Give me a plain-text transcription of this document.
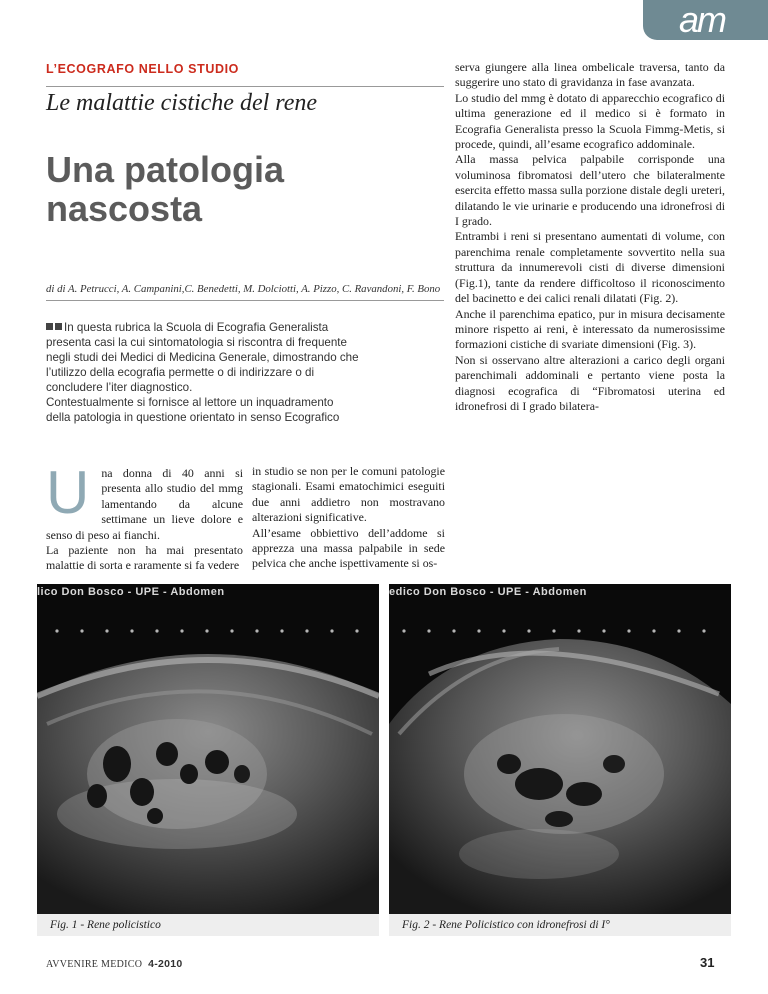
am
L’ECOGRAFO NELLO STUDIO
Le malattie cistiche del rene
Una patologia
nascosta
di di A. Petrucci, A. Campanini,C. Benedetti, M. Dolciotti, A. Pizzo, C. Ravandoni, F. Bono

In questa rubrica la Scuola di Ecografia Generalista

presenta casi la cui sintomatologia si riscontra di frequente

negli studi dei Medici di Medicina Generale, dimostrando che

l’utilizzo della ecografia permette o di indirizzare o di

concludere l’iter diagnostico.

Contestualmente si fornisce al lettore un inquadramento

della patologia in questione orientato in senso Ecografico

U	na donna di 40 anni si presenta allo studio del mmg lamentando da alcune settimane un lieve dolore e senso di peso ai fianchi.

La paziente non ha mai presentato malattie di sorta e raramente si fa vedere

in studio se non per le comuni patologie stagionali. Esami ematochimici eseguiti due anni addietro non mostravano alterazioni significative.

All’esame obbiettivo dell’addome si apprezza una massa palpabile in sede pelvica che anche ispettivamente si os-

serva giungere alla linea ombelicale traversa, tanto da suggerire uno stato di gravidanza in fase avanzata.

Lo studio del mmg è dotato di apparecchio ecografico di ultima generazione ed il medico si è formato in Ecografia Generalista presso la Scuola Fimmg-Metis, si procede, quindi, all’esame ecografico addominale.

Alla massa pelvica palpabile corrisponde una voluminosa fibromatosi dell’utero che bilateralmente esercita effetto massa sulla porzione distale degli ureteri, dilatando le vie urinarie e producendo una idronefrosi di I grado.

Entrambi i reni si presentano aumentati di volume, con parenchima renale completamente sovvertito nella sua struttura da innumerevoli cisti di diverse dimensioni (Fig.1), tante da rendere difficoltoso il riconoscimento del bacinetto e dei calici renali dilatati (Fig. 2).

Anche il parenchima epatico, pur in misura decisamente minore rispetto ai reni, è interessato da numerosissime formazioni cistiche di svariate dimensioni (Fig. 3).

Non si osservano altre alterazioni a carico degli organi parenchimali addominali e pertanto viene posta la diagnosi ecografica di “Fibromatosi uterina ed idronefrosi di I grado bilatera-

lico Don Bosco - UPE - Abdomen
Fig. 1 - Rene policistico
edico Don Bosco - UPE - Abdomen
Fig. 2 - Rene Policistico con idronefrosi di I°
AVVENIRE MEDICO 4-2010	31
